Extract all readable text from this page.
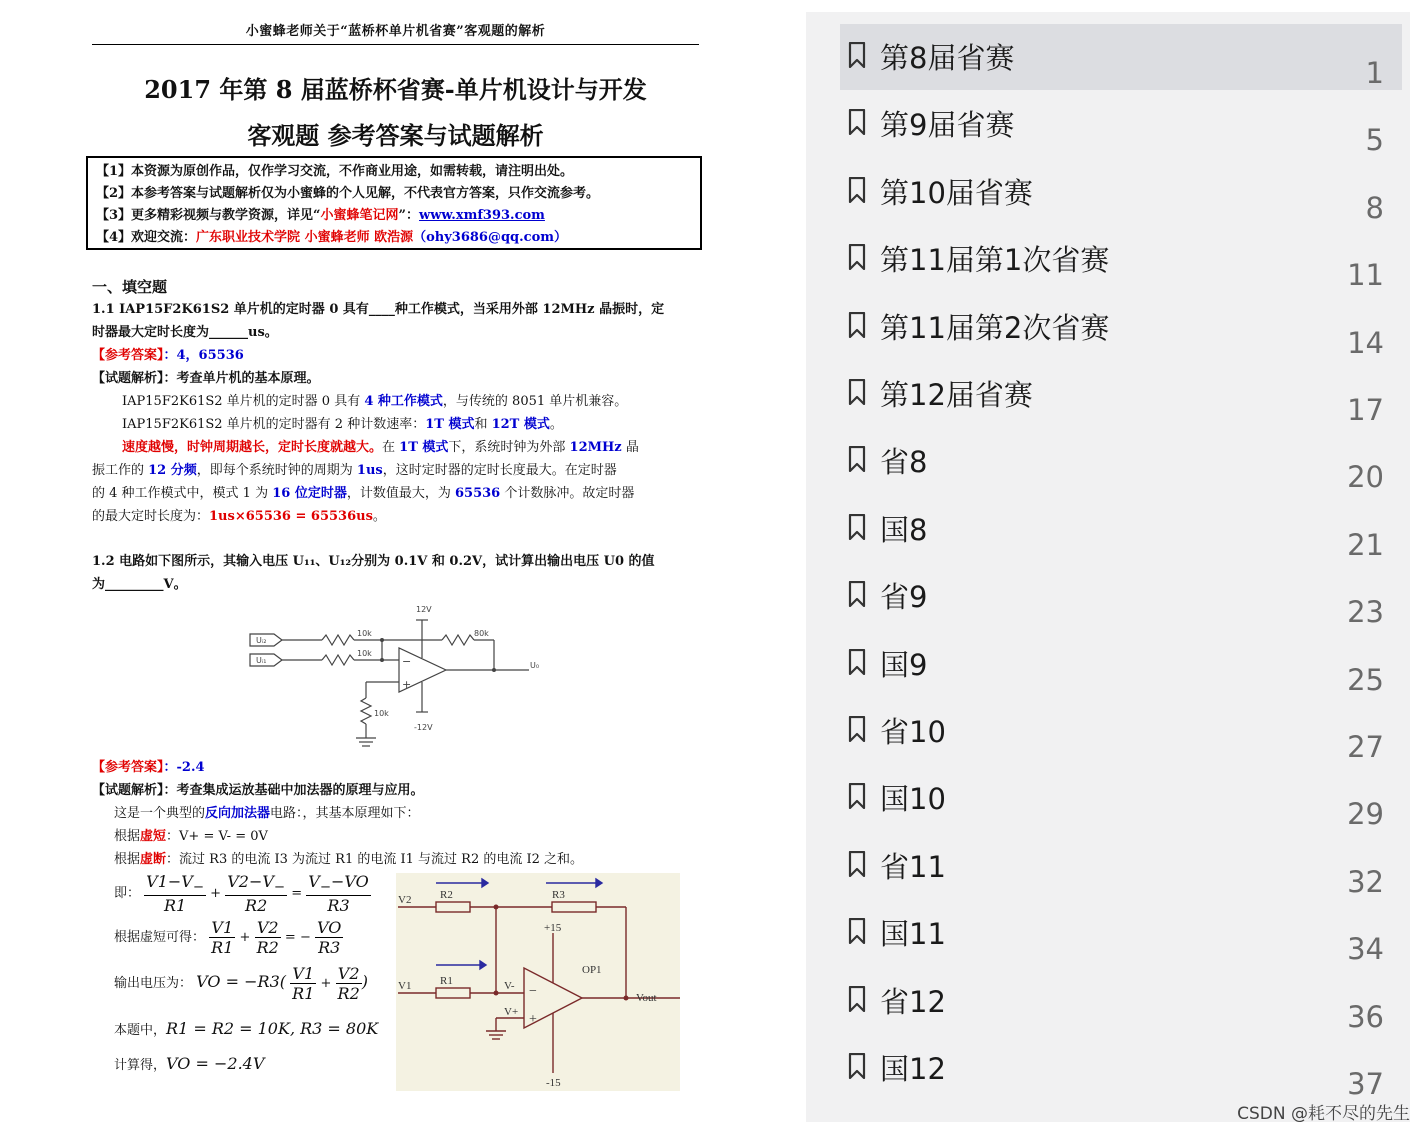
小蜜蜂老师关于“蓝桥杯单片机省赛”客观题的解析
2017 年第 8 届蓝桥杯省赛-单片机设计与开发
客观题 参考答案与试题解析
【1】本资源为原创作品，仅作学习交流，不作商业用途，如需转载，请注明出处。
【2】本参考答案与试题解析仅为小蜜蜂的个人见解，不代表官方答案，只作交流参考。
【3】更多精彩视频与教学资源，详见“小蜜蜂笔记网”：www.xmf393.com
【4】欢迎交流：广东职业技术学院 小蜜蜂老师 欧浩源（ohy3686@qq.com）
一、填空题
1.1 IAP15F2K61S2 单片机的定时器 0 具有____种工作模式，当采用外部 12MHz 晶振时，定
时器最大定时长度为______us。
【参考答案】：4，65536
【试题解析】：考查单片机的基本原理。
IAP15F2K61S2 单片机的定时器 0 具有 4 种工作模式，与传统的 8051 单片机兼容。
IAP15F2K61S2 单片机的定时器有 2 种计数速率：1T 模式和 12T 模式。
速度越慢，时钟周期越长，定时长度就越大。在 1T 模式下，系统时钟为外部 12MHz 晶
振工作的 12 分频，即每个系统时钟的周期为 1us，这时定时器的定时长度最大。在定时器
的 4 种工作模式中，模式 1 为 16 位定时器，计数值最大，为 65536 个计数脉冲。故定时器
的最大定时长度为：1us×65536 = 65536us。
1.2 电路如下图所示，其输入电压 U₁₁、U₁₂分别为 0.1V 和 0.2V，试计算出输出电压 U0 的值
为_________V。
Uᵢ₂
Uᵢ₁
10k
10k
80k
10k
12V
-12V
U₀
−
+
【参考答案】：-2.4
【试题解析】：考查集成运放基础中加法器的原理与应用。
这是一个典型的反向加法器电路：，其基本原理如下：
根据虚短：V+ = V- = 0V
根据虚断：流过 R3 的电流 I3 为流过 R1 的电流 I1 与流过 R2 的电流 I2 之和。
即： $\frac{V1-V_-}{R1} + \frac{V2-V_-}{R2} = \frac{V_--VO}{R3}$
根据虚短可得： $\frac{V1}{R1} + \frac{V2}{R2}$ = − $\frac{VO}{R3}$
输出电压为： VO = $-R3( \frac{V1}{R1} + \frac{V2}{R2}$ )
本题中，R1 = R2 = 10K, R3 = 80K
计算得，VO = −2.4V
V2
V1
R2
R1
R3
V-
V+
+15
-15
OP1
Vout
−
+
第8届省赛	1
第9届省赛	5
第10届省赛	8
第11届第1次省赛	11
第11届第2次省赛	14
第12届省赛	17
省8	20
国8	21
省9	23
国9	25
省10	27
国10	29
省11	32
国11	34
省12	36
国12	37
CSDN @耗不尽的先生
